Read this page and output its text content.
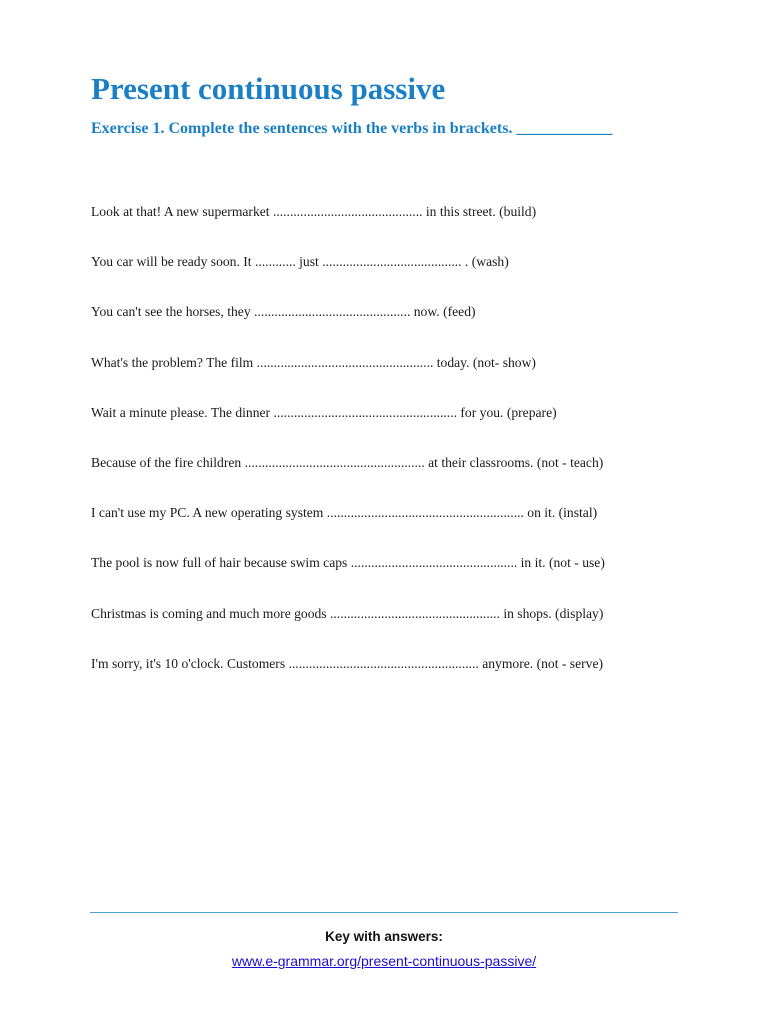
Present continuous passive
Exercise 1. Complete the sentences with the verbs in brackets. ____________
Look at that! A new supermarket ............................................ in this street. (build)
You car will be ready soon. It ............ just ......................................... . (wash)
You can't see the horses, they .............................................. now. (feed)
What's the problem? The film .................................................... today. (not- show)
Wait a minute please. The dinner ...................................................... for you. (prepare)
Because of the fire children ..................................................... at their classrooms. (not - teach)
I can't use my PC. A new operating system .......................................................... on it. (instal)
The pool is now full of hair because swim caps ................................................. in it. (not - use)
Christmas is coming and much more goods .................................................. in shops. (display)
I'm sorry, it's 10 o'clock. Customers ........................................................ anymore. (not - serve)
Key with answers:
www.e-grammar.org/present-continuous-passive/
